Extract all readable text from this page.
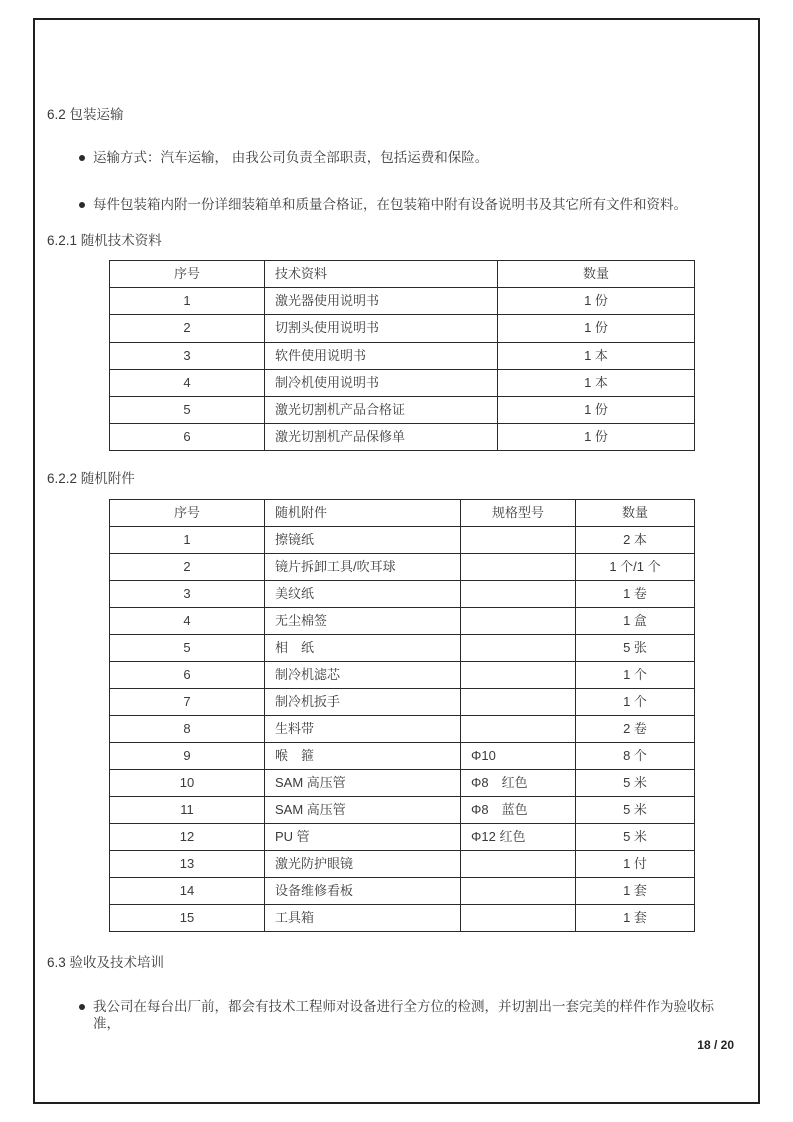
6.2 包装运输
运输方式：汽车运输， 由我公司负责全部职责，包括运费和保险。
每件包装箱内附一份详细装箱单和质量合格证，在包装箱中附有设备说明书及其它所有文件和资料。
6.2.1 随机技术资料
序号	技术资料	数量
1	激光器使用说明书	1 份
2	切割头使用说明书	1 份
3	软件使用说明书	1 本
4	制冷机使用说明书	1 本
5	激光切割机产品合格证	1 份
6	激光切割机产品保修单	1 份
6.2.2 随机附件
序号	随机附件	规格型号	数量
1	擦镜纸		2 本
2	镜片拆卸工具/吹耳球		1 个/1 个
3	美纹纸		1 卷
4	无尘棉签		1 盒
5	相　纸		5 张
6	制冷机滤芯		1 个
7	制冷机扳手		1 个
8	生料带		2 卷
9	喉　箍	Φ10	8 个
10	SAM 高压管	Φ8　红色	5 米
11	SAM 高压管	Φ8　蓝色	5 米
12	PU 管	Φ12 红色	5 米
13	激光防护眼镜		1 付
14	设备维修看板		1 套
15	工具箱		1 套
6.3 验收及技术培训
我公司在每台出厂前，都会有技术工程师对设备进行全方位的检测，并切割出一套完美的样件作为验收标准，
18 / 20
